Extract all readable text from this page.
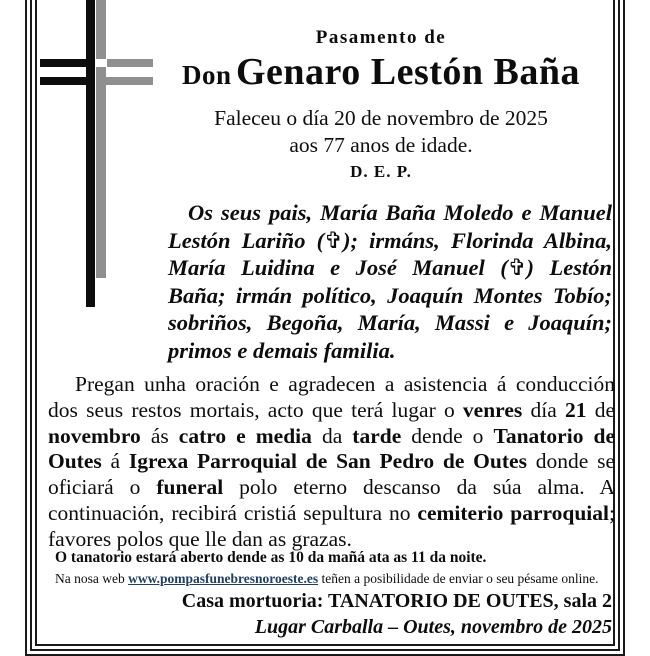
Pasamento de
Don Genaro Lestón Baña
Faleceu o día 20 de novembro de 2025
aos 77 anos de idade.
D. E. P.
Os seus pais, María Baña Moledo e Manuel Lestón Lariño (✞); irmáns, Florinda Albina, María Luidina e José Manuel (✞) Lestón Baña; irmán político, Joaquín Montes Tobío; sobriños, Begoña, María, Massi e Joaquín; primos e demais familia.
Pregan unha oración e agradecen a asistencia á conducción dos seus restos mortais, acto que terá lugar o venres día 21 de novembro ás catro e media da tarde dende o Tanatorio de Outes á Igrexa Parroquial de San Pedro de Outes donde se oficiará o funeral polo eterno descanso da súa alma. A continuación, recibirá cristiá sepultura no cemiterio parroquial; favores polos que lle dan as grazas.
O tanatorio estará aberto dende as 10 da mañá ata as 11 da noite.
Na nosa web www.pompasfunebresnoroeste.es teñen a posibilidade de enviar o seu pésame online.
Casa mortuoria: TANATORIO DE OUTES, sala 2
Lugar Carballa – Outes, novembro de 2025
